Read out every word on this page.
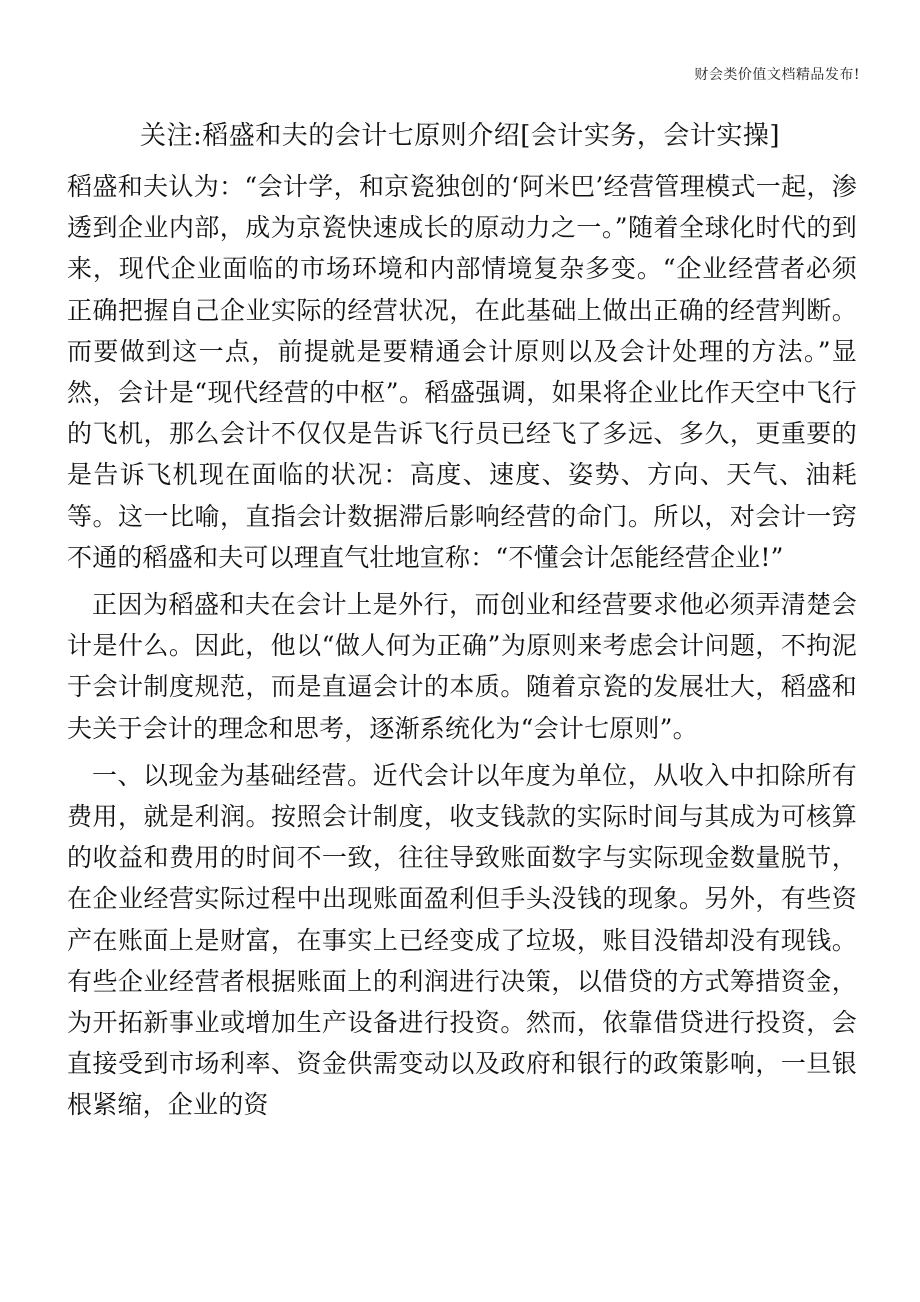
财会类价值文档精品发布!
关注:稻盛和夫的会计七原则介绍[会计实务，会计实操]

稻盛和夫认为：“会计学，和京瓷独创的‘阿米巴’经营管理模式一起，渗透到企业内部，成为京瓷快速成长的原动力之一。”随着全球化时代的到来，现代企业面临的市场环境和内部情境复杂多变。“企业经营者必须正确把握自己企业实际的经营状况，在此基础上做出正确的经营判断。而要做到这一点，前提就是要精通会计原则以及会计处理的方法。”显然，会计是“现代经营的中枢”。稻盛强调，如果将企业比作天空中飞行的飞机，那么会计不仅仅是告诉飞行员已经飞了多远、多久，更重要的是告诉飞机现在面临的状况：高度、速度、姿势、方向、天气、油耗等。这一比喻，直指会计数据滞后影响经营的命门。所以，对会计一窍不通的稻盛和夫可以理直气壮地宣称：“不懂会计怎能经营企业!”

正因为稻盛和夫在会计上是外行，而创业和经营要求他必须弄清楚会计是什么。因此，他以“做人何为正确”为原则来考虑会计问题，不拘泥于会计制度规范，而是直逼会计的本质。随着京瓷的发展壮大，稻盛和夫关于会计的理念和思考，逐渐系统化为“会计七原则”。

一、以现金为基础经营。近代会计以年度为单位，从收入中扣除所有费用，就是利润。按照会计制度，收支钱款的实际时间与其成为可核算的收益和费用的时间不一致，往往导致账面数字与实际现金数量脱节，在企业经营实际过程中出现账面盈利但手头没钱的现象。另外，有些资产在账面上是财富，在事实上已经变成了垃圾，账目没错却没有现钱。有些企业经营者根据账面上的利润进行决策，以借贷的方式筹措资金，为开拓新事业或增加生产设备进行投资。然而，依靠借贷进行投资，会直接受到市场利率、资金供需变动以及政府和银行的政策影响，一旦银根紧缩，企业的资
